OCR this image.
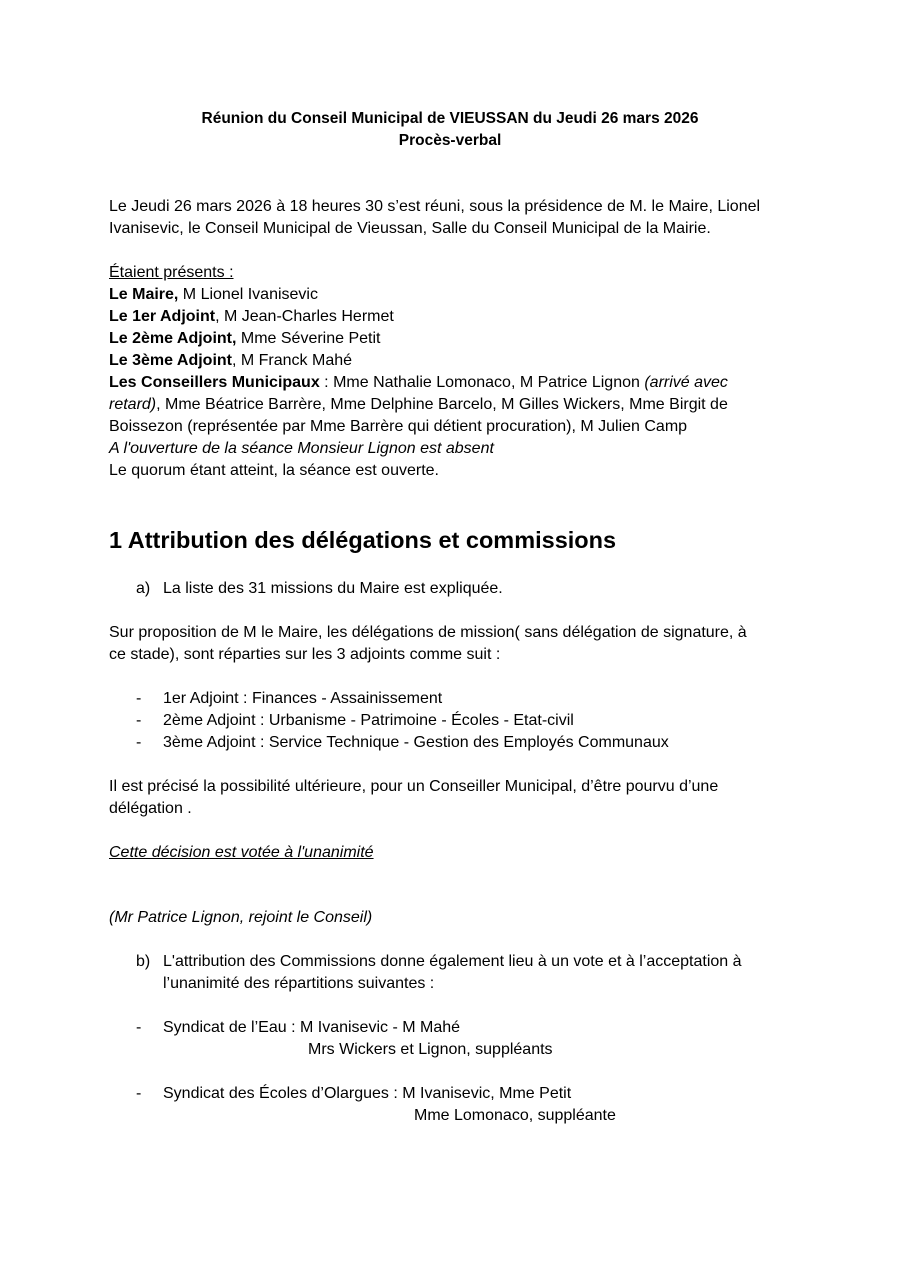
Réunion du Conseil Municipal de VIEUSSAN du Jeudi 26 mars 2026
Procès-verbal
Le Jeudi 26 mars 2026 à 18 heures 30 s’est réuni, sous la présidence de M. le Maire, Lionel
Ivanisevic, le Conseil Municipal de Vieussan, Salle du Conseil Municipal de la Mairie.
Étaient présents :
Le Maire, M Lionel Ivanisevic
Le 1er Adjoint, M Jean-Charles Hermet
Le 2ème Adjoint, Mme Séverine Petit
Le 3ème Adjoint, M Franck Mahé
Les Conseillers Municipaux : Mme Nathalie Lomonaco, M Patrice Lignon (arrivé avec
retard), Mme Béatrice Barrère, Mme Delphine Barcelo, M Gilles Wickers, Mme Birgit de
Boissezon (représentée par Mme Barrère qui détient procuration), M Julien Camp
A l'ouverture de la séance Monsieur Lignon est absent
Le quorum étant atteint, la séance est ouverte.
1 Attribution des délégations et commissions
a) La liste des 31 missions du Maire est expliquée.
Sur proposition de M le Maire, les délégations de mission( sans délégation de signature, à
ce stade), sont réparties sur les 3 adjoints comme suit :
- 1er Adjoint : Finances - Assainissement
- 2ème Adjoint : Urbanisme - Patrimoine - Écoles - Etat-civil
- 3ème Adjoint : Service Technique - Gestion des Employés Communaux
Il est précisé la possibilité ultérieure, pour un Conseiller Municipal, d’être pourvu d’une
délégation .
Cette décision est votée à l'unanimité
(Mr Patrice Lignon, rejoint le Conseil)
b) L'attribution des Commissions donne également lieu à un vote et à l’acceptation à
l’unanimité des répartitions suivantes :
- Syndicat de l’Eau : M Ivanisevic - M Mahé
Mrs Wickers et Lignon, suppléants
- Syndicat des Écoles d’Olargues : M Ivanisevic, Mme Petit
Mme Lomonaco, suppléante
